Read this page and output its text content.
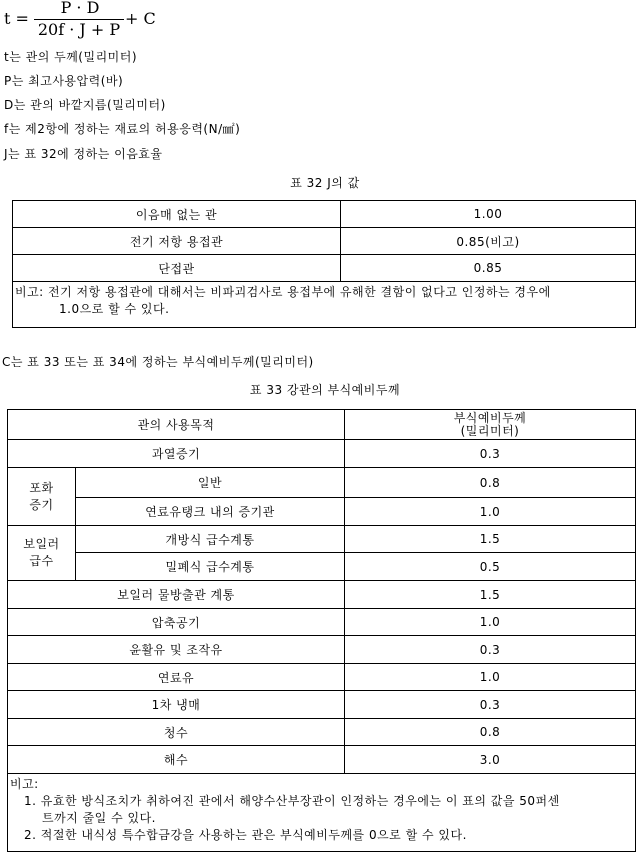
t =
P · D
20f · J + P
+ C
t는 관의 두께(밀리미터)
P는 최고사용압력(바)
D는 관의 바깥지름(밀리미터)
f는 제2항에 정하는 재료의 허용응력(N/㎟)
J는 표 32에 정하는 이음효율
표 32 J의 값
이음매 없는 관	1.00
전기 저항 용접관	0.85(비고)
단접관	0.85

비고: 전기 저항 용접관에 대해서는 비파괴검사로 용접부에 유해한 결함이 없다고 인정하는 경우에
1.0으로 할 수 있다.	
C는 표 33 또는 표 34에 정하는 부식예비두께(밀리미터)
표 33 강관의 부식예비두께
관의 사용목적		부식예비두께
(밀리미터)

과열증기		0.3

포화
증기	일반	0.8
	연료유탱크 내의 증기관	1.0

보일러
급수	개방식 급수계통	1.5
	밀폐식 급수계통	0.5
보일러 물방출관 계통		1.5
압축공기		1.0
윤활유 및 조작유		0.3
연료유		1.0
1차 냉매		0.3
청수		0.8
해수		3.0

비고:
1. 유효한 방식조치가 취하여진 관에서 해양수산부장관이 인정하는 경우에는 이 표의 값을 50퍼센
트까지 줄일 수 있다.
2. 적절한 내식성 특수합금강을 사용하는 관은 부식예비두께를 0으로 할 수 있다.		
